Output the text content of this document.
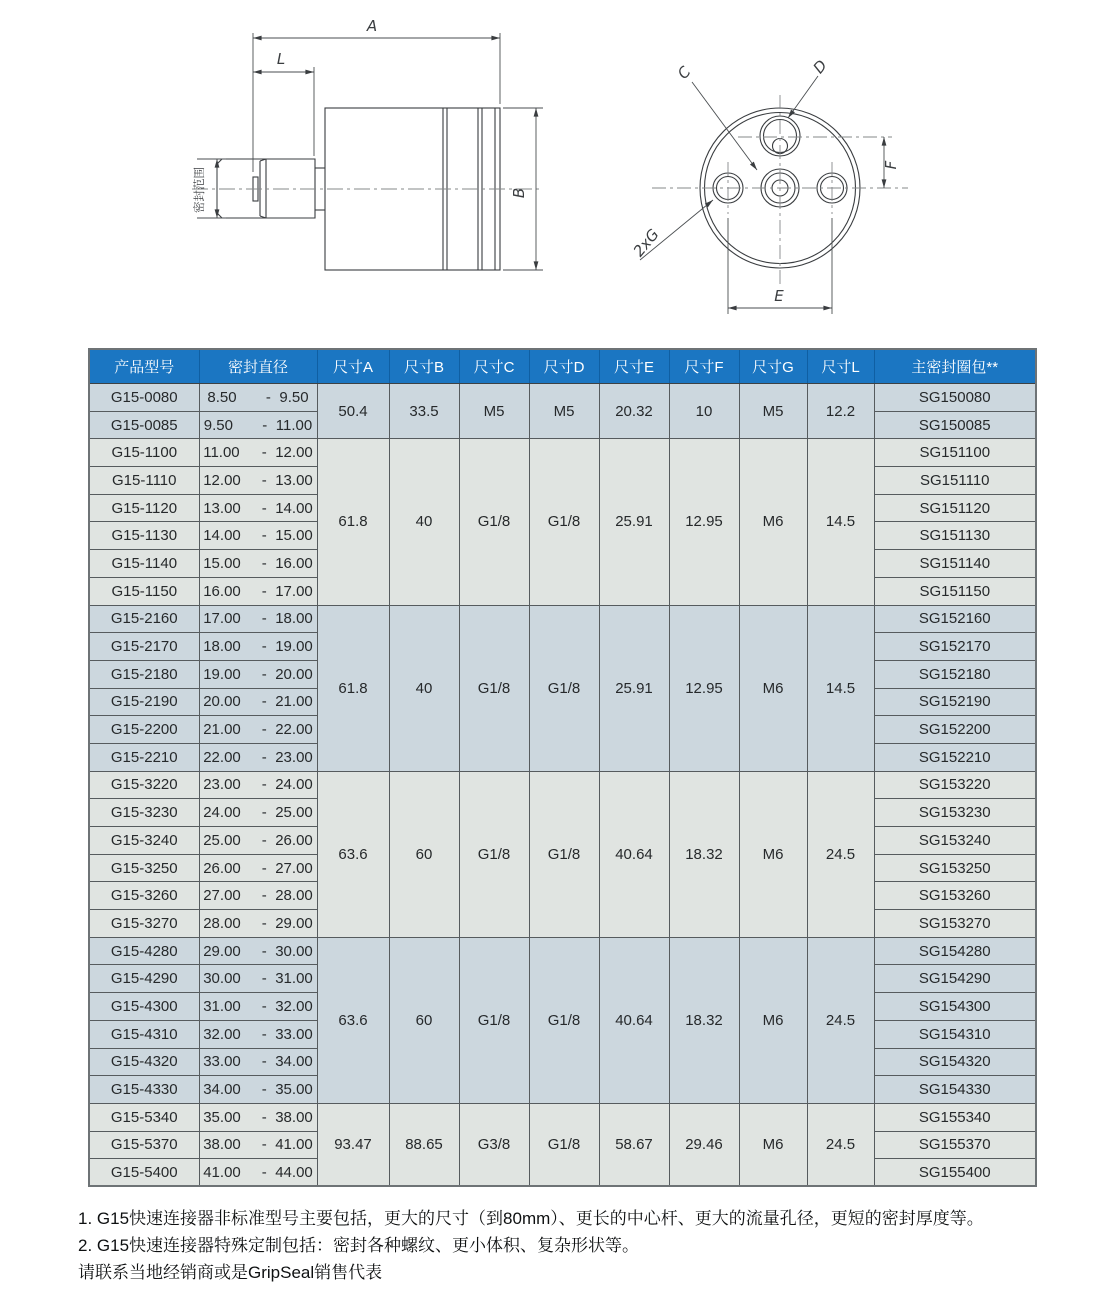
A
L
B
密封范围
C	D
E
F
2xG
产品型号	密封直径	尺寸A	尺寸B	尺寸C	尺寸D	尺寸E	尺寸F	尺寸G	尺寸L	主密封圈包**
G15-0080	8.50 - 9.50	50.4	33.5	M5	M5	20.32	10	M5	12.2	SG150080
G15-0085	9.50 - 11.00									SG150085
G15-1100	11.00 - 12.00	61.8	40	G1/8	G1/8	25.91	12.95	M6	14.5	SG151100
G15-1110	12.00 - 13.00									SG151110
G15-1120	13.00 - 14.00									SG151120
G15-1130	14.00 - 15.00									SG151130
G15-1140	15.00 - 16.00									SG151140
G15-1150	16.00 - 17.00									SG151150
G15-2160	17.00 - 18.00	61.8	40	G1/8	G1/8	25.91	12.95	M6	14.5	SG152160
G15-2170	18.00 - 19.00									SG152170
G15-2180	19.00 - 20.00									SG152180
G15-2190	20.00 - 21.00									SG152190
G15-2200	21.00 - 22.00									SG152200
G15-2210	22.00 - 23.00									SG152210
G15-3220	23.00 - 24.00	63.6	60	G1/8	G1/8	40.64	18.32	M6	24.5	SG153220
G15-3230	24.00 - 25.00									SG153230
G15-3240	25.00 - 26.00									SG153240
G15-3250	26.00 - 27.00									SG153250
G15-3260	27.00 - 28.00									SG153260
G15-3270	28.00 - 29.00									SG153270
G15-4280	29.00 - 30.00	63.6	60	G1/8	G1/8	40.64	18.32	M6	24.5	SG154280
G15-4290	30.00 - 31.00									SG154290
G15-4300	31.00 - 32.00									SG154300
G15-4310	32.00 - 33.00									SG154310
G15-4320	33.00 - 34.00									SG154320
G15-4330	34.00 - 35.00									SG154330
G15-5340	35.00 - 38.00	93.47	88.65	G3/8	G1/8	58.67	29.46	M6	24.5	SG155340
G15-5370	38.00 - 41.00									SG155370
G15-5400	41.00 - 44.00									SG155400

1. G15快速连接器非标准型号主要包括，更大的尺寸（到80mm）、更长的中心杆、更大的流量孔径，更短的密封厚度等。

2. G15快速连接器特殊定制包括：密封各种螺纹、更小体积、复杂形状等。

请联系当地经销商或是GripSeal销售代表
